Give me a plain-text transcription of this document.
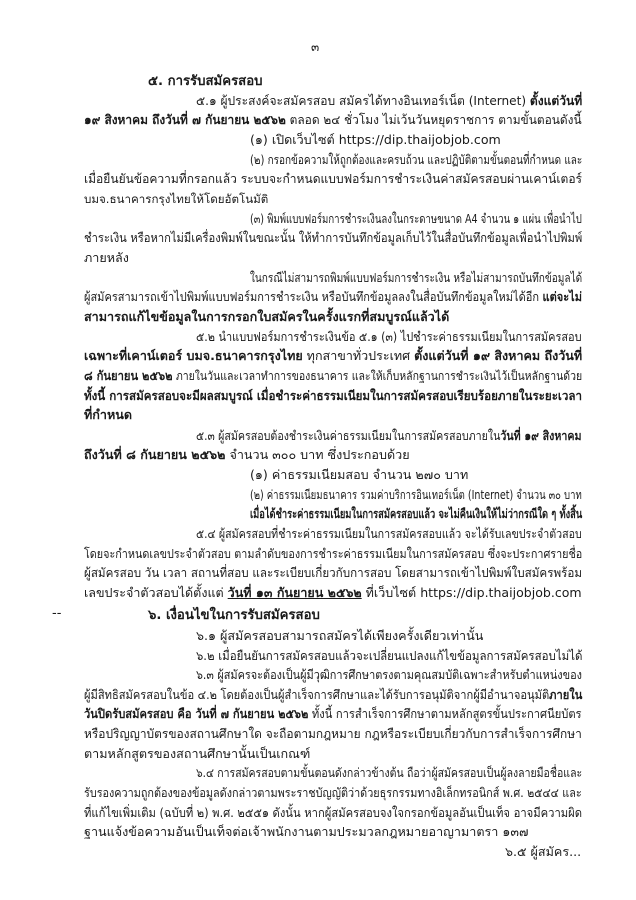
๓
๕. การรับสมัครสอบ
๕.๑ ผู้ประสงค์จะสมัครสอบ สมัครได้ทางอินเทอร์เน็ต (Internet) ตั้งแต่วันที่
๑๙ สิงหาคม ถึงวันที่ ๗ กันยายน ๒๕๖๒ ตลอด ๒๔ ชั่วโมง ไม่เว้นวันหยุดราชการ ตามขั้นตอนดังนี้
(๑) เปิดเว็บไซต์ https://dip.thaijobjob.com
(๒) กรอกข้อความให้ถูกต้องและครบถ้วน และปฏิบัติตามขั้นตอนที่กำหนด และ
เมื่อยืนยันข้อความที่กรอกแล้ว ระบบจะกำหนดแบบฟอร์มการชำระเงินค่าสมัครสอบผ่านเคาน์เตอร์
บมจ.ธนาคารกรุงไทยให้โดยอัตโนมัติ
(๓) พิมพ์แบบฟอร์มการชำระเงินลงในกระดาษขนาด A4 จำนวน ๑ แผ่น เพื่อนำไป
ชำระเงิน หรือหากไม่มีเครื่องพิมพ์ในขณะนั้น ให้ทำการบันทึกข้อมูลเก็บไว้ในสื่อบันทึกข้อมูลเพื่อนำไปพิมพ์
ภายหลัง
ในกรณีไม่สามารถพิมพ์แบบฟอร์มการชำระเงิน หรือไม่สามารถบันทึกข้อมูลได้
ผู้สมัครสามารถเข้าไปพิมพ์แบบฟอร์มการชำระเงิน หรือบันทึกข้อมูลลงในสื่อบันทึกข้อมูลใหม่ได้อีก แต่จะไม่
สามารถแก้ไขข้อมูลในการกรอกใบสมัครในครั้งแรกที่สมบูรณ์แล้วได้
๕.๒ นำแบบฟอร์มการชำระเงินข้อ ๕.๑ (๓) ไปชำระค่าธรรมเนียมในการสมัครสอบ
เฉพาะที่เคาน์เตอร์ บมจ.ธนาคารกรุงไทย ทุกสาขาทั่วประเทศ ตั้งแต่วันที่ ๑๙ สิงหาคม ถึงวันที่
๘ กันยายน ๒๕๖๒ ภายในวันและเวลาทำการของธนาคาร และให้เก็บหลักฐานการชำระเงินไว้เป็นหลักฐานด้วย
ทั้งนี้ การสมัครสอบจะมีผลสมบูรณ์ เมื่อชำระค่าธรรมเนียมในการสมัครสอบเรียบร้อยภายในระยะเวลา
ที่กำหนด
๕.๓ ผู้สมัครสอบต้องชำระเงินค่าธรรมเนียมในการสมัครสอบภายในวันที่ ๑๙ สิงหาคม
ถึงวันที่ ๘ กันยายน ๒๕๖๒ จำนวน ๓๐๐ บาท ซึ่งประกอบด้วย
(๑) ค่าธรรมเนียมสอบ จำนวน ๒๗๐ บาท
(๒) ค่าธรรมเนียมธนาคาร รวมค่าบริการอินเทอร์เน็ต (Internet) จำนวน ๓๐ บาท
เมื่อได้ชำระค่าธรรมเนียมในการสมัครสอบแล้ว จะไม่คืนเงินให้ไม่ว่ากรณีใด ๆ ทั้งสิ้น
๕.๔ ผู้สมัครสอบที่ชำระค่าธรรมเนียมในการสมัครสอบแล้ว จะได้รับเลขประจำตัวสอบ
โดยจะกำหนดเลขประจำตัวสอบ ตามลำดับของการชำระค่าธรรมเนียมในการสมัครสอบ ซึ่งจะประกาศรายชื่อ
ผู้สมัครสอบ วัน เวลา สถานที่สอบ และระเบียบเกี่ยวกับการสอบ โดยสามารถเข้าไปพิมพ์ใบสมัครพร้อม
เลขประจำตัวสอบได้ตั้งแต่ วันที่ ๑๓ กันยายน ๒๕๖๒ ที่เว็บไซต์ https://dip.thaijobjob.com
--	๖. เงื่อนไขในการรับสมัครสอบ
๖.๑ ผู้สมัครสอบสามารถสมัครได้เพียงครั้งเดียวเท่านั้น
๖.๒ เมื่อยืนยันการสมัครสอบแล้วจะเปลี่ยนแปลงแก้ไขข้อมูลการสมัครสอบไม่ได้
๖.๓ ผู้สมัครจะต้องเป็นผู้มีวุฒิการศึกษาตรงตามคุณสมบัติเฉพาะสำหรับตำแหน่งของ
ผู้มีสิทธิสมัครสอบในข้อ ๔.๒ โดยต้องเป็นผู้สำเร็จการศึกษาและได้รับการอนุมัติจากผู้มีอำนาจอนุมัติภายใน
วันปิดรับสมัครสอบ คือ วันที่ ๗ กันยายน ๒๕๖๒ ทั้งนี้ การสำเร็จการศึกษาตามหลักสูตรขั้นประกาศนียบัตร
หรือปริญญาบัตรของสถานศึกษาใด จะถือตามกฎหมาย กฎหรือระเบียบเกี่ยวกับการสำเร็จการศึกษา
ตามหลักสูตรของสถานศึกษานั้นเป็นเกณฑ์
๖.๔ การสมัครสอบตามขั้นตอนดังกล่าวข้างต้น ถือว่าผู้สมัครสอบเป็นผู้ลงลายมือชื่อและ
รับรองความถูกต้องของข้อมูลดังกล่าวตามพระราชบัญญัติว่าด้วยธุรกรรมทางอิเล็กทรอนิกส์ พ.ศ. ๒๕๔๔ และ
ที่แก้ไขเพิ่มเติม (ฉบับที่ ๒) พ.ศ. ๒๕๕๑ ดังนั้น หากผู้สมัครสอบจงใจกรอกข้อมูลอันเป็นเท็จ อาจมีความผิด
ฐานแจ้งข้อความอันเป็นเท็จต่อเจ้าพนักงานตามประมวลกฎหมายอาญามาตรา ๑๓๗
๖.๕ ผู้สมัคร...
